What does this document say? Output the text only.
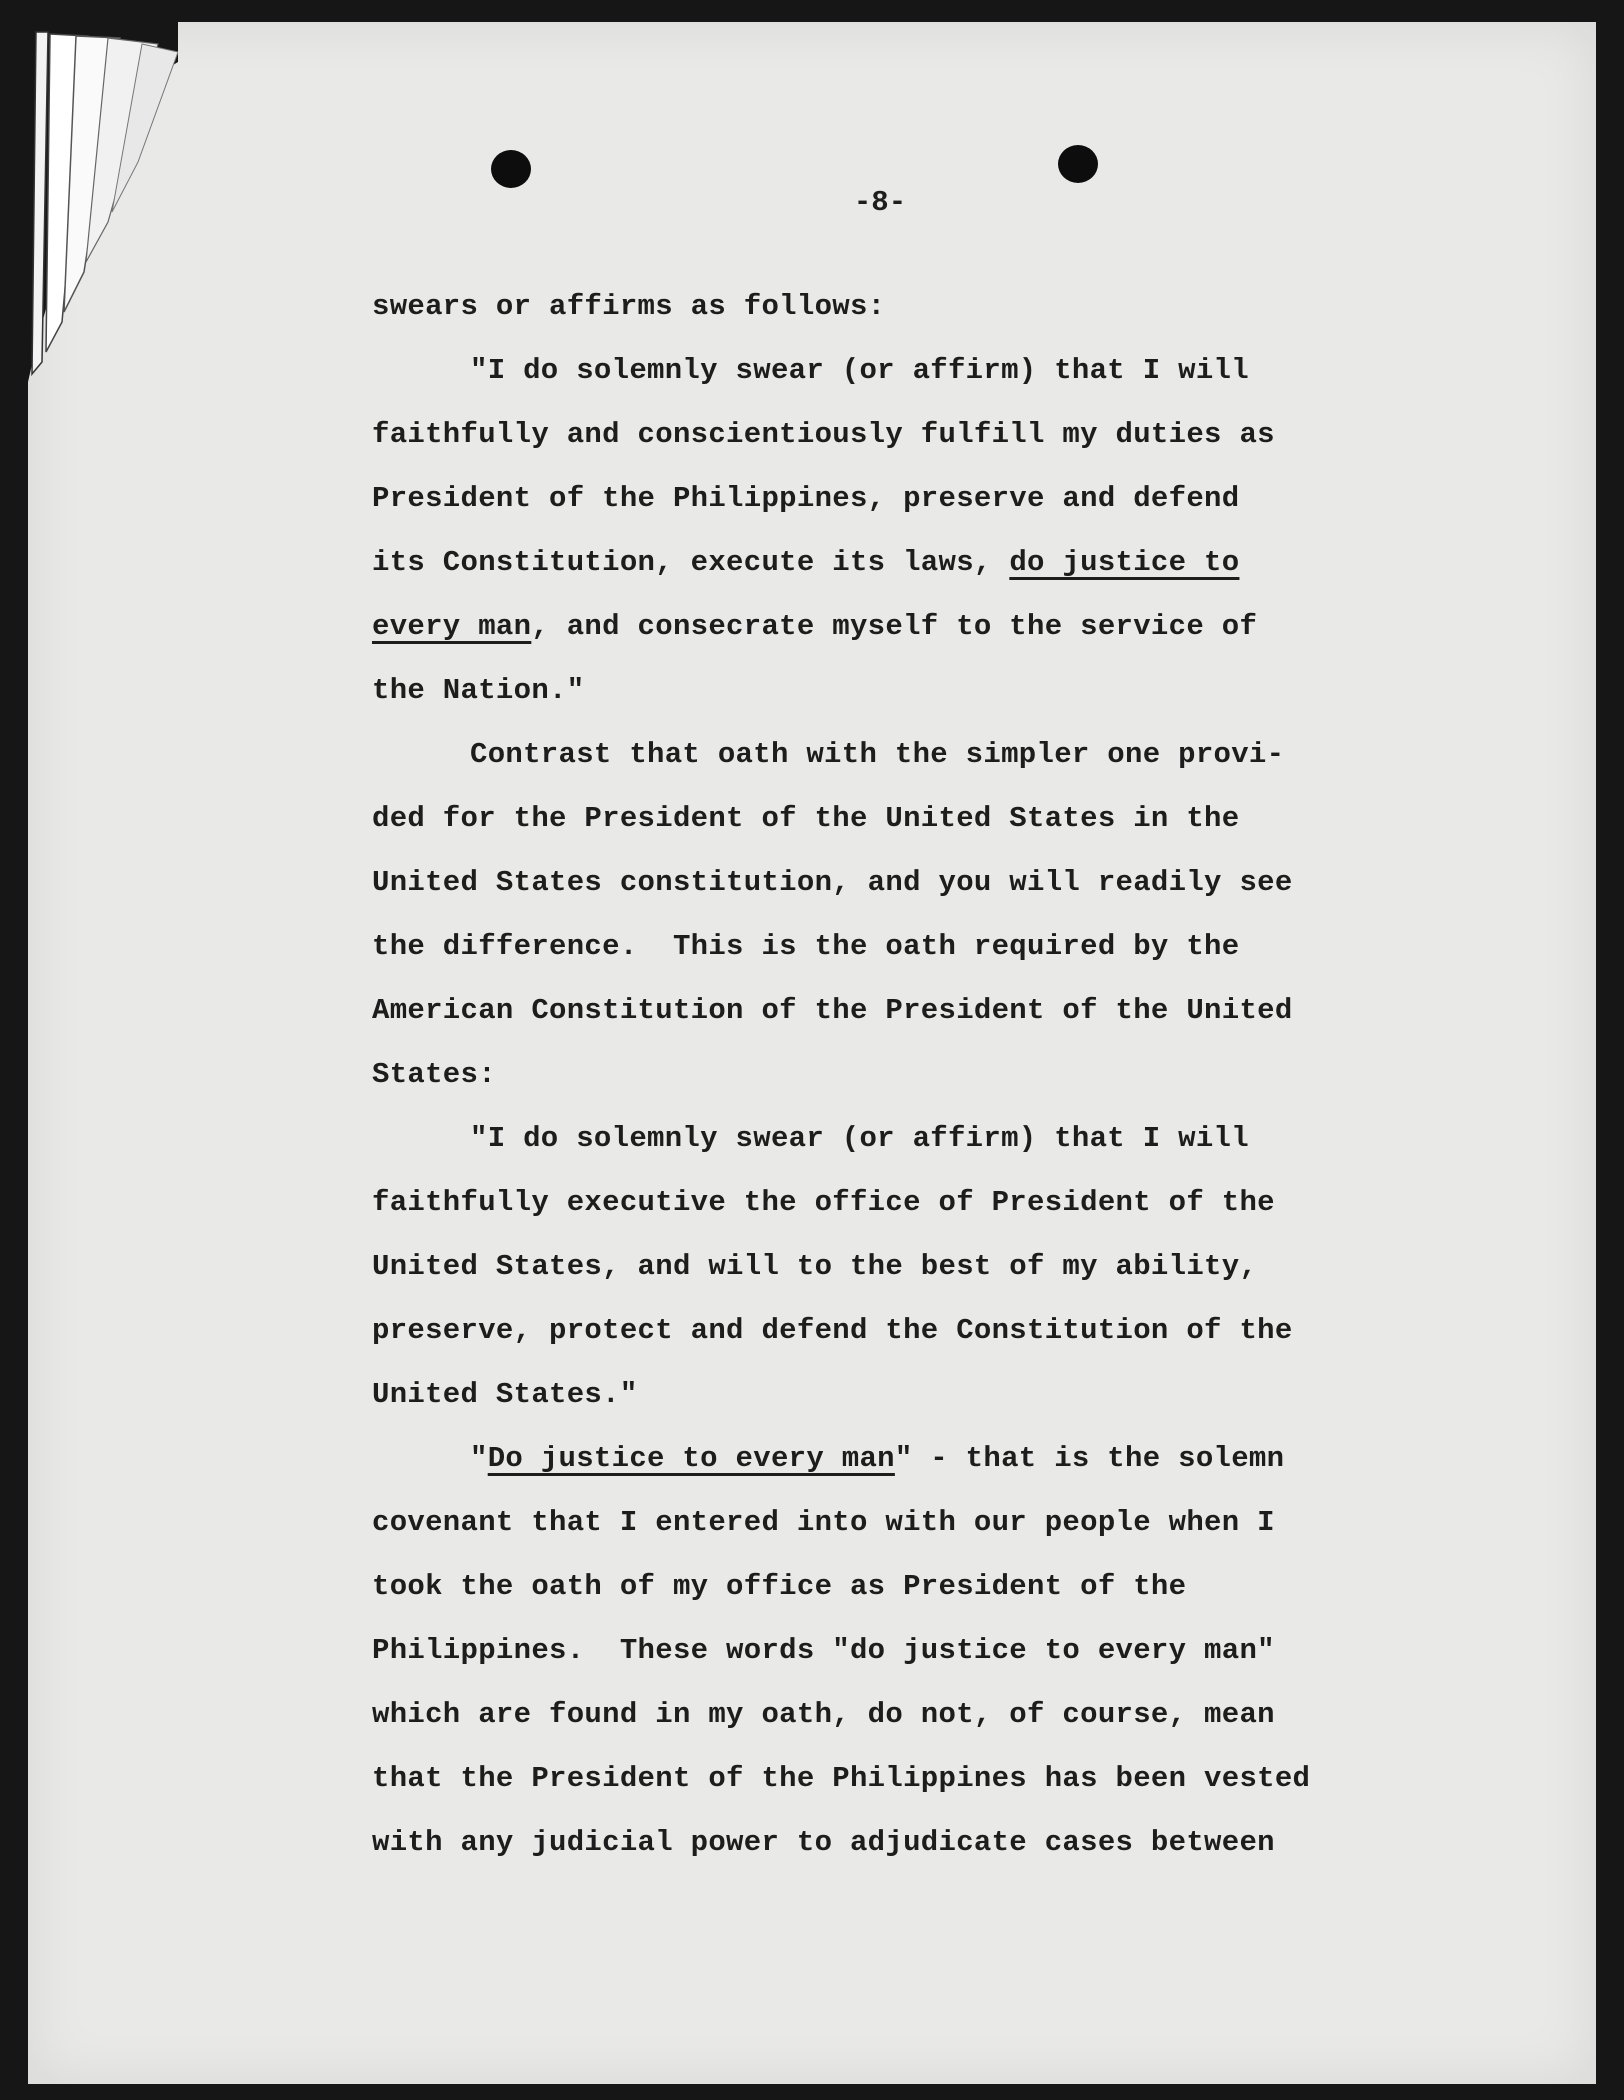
-8-
swears or affirms as follows:
"I do solemnly swear (or affirm) that I will
faithfully and conscientiously fulfill my duties as
President of the Philippines, preserve and defend
its Constitution, execute its laws, do justice to
every man, and consecrate myself to the service of
the Nation."
Contrast that oath with the simpler one provi-
ded for the President of the United States in the
United States constitution, and you will readily see
the difference.  This is the oath required by the
American Constitution of the President of the United
States:
"I do solemnly swear (or affirm) that I will
faithfully executive the office of President of the
United States, and will to the best of my ability,
preserve, protect and defend the Constitution of the
United States."
"Do justice to every man" - that is the solemn
covenant that I entered into with our people when I
took the oath of my office as President of the
Philippines.  These words "do justice to every man"
which are found in my oath, do not, of course, mean
that the President of the Philippines has been vested
with any judicial power to adjudicate cases between
